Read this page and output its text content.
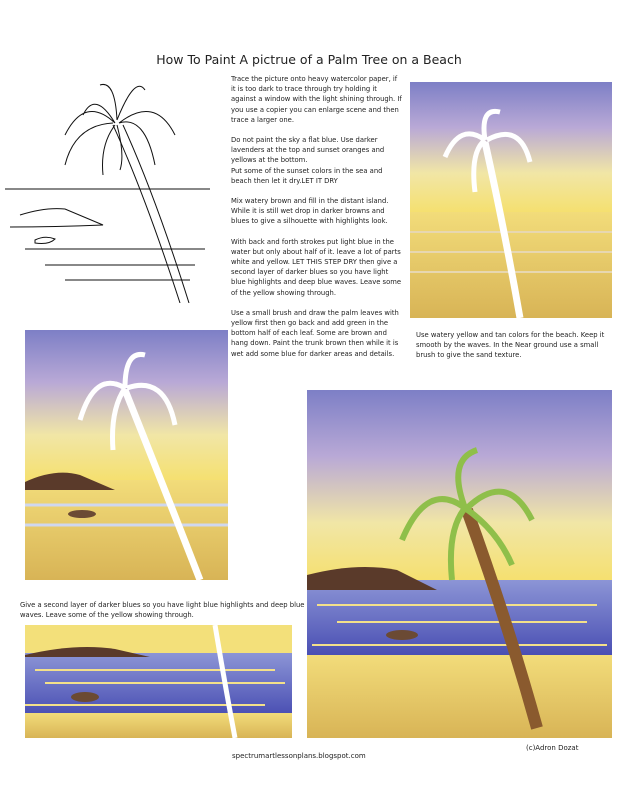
How To Paint A pictrue of a Palm Tree on a Beach
Trace the picture onto heavy watercolor paper, if it is too dark to trace through try holding it against a window with the light shining through. If you use a copier you can enlarge scene and then trace a larger one.
Do not paint the sky a flat blue. Use darker lavenders at the top and sunset oranges and yellows at the bottom.
Put some of the sunset colors in the sea and beach then let it dry.LET IT DRY
Mix watery brown and fill in the distant island. While it is still wet drop in darker browns and blues to give a silhouette with highlights look.
With back and forth strokes put light blue in the water but only about half of it. leave a lot of parts white and yellow. LET THIS STEP DRY then give a second layer of darker blues so you have light blue highlights and deep blue waves. Leave some of the yellow showing through.
Use a small brush and draw the palm leaves with yellow first then go back and add green in the bottom half of each leaf. Some are brown and hang down. Paint the trunk brown then while it is wet add some blue for darker areas and details.
Use watery yellow and tan colors for the beach. Keep it smooth by the waves. In the Near ground use a small brush to give the sand texture.
Give a second layer of darker blues so you have light blue highlights and deep blue waves. Leave some of the yellow showing through.
spectrumartlessonplans.blogspot.com
(c)Adron Dozat
